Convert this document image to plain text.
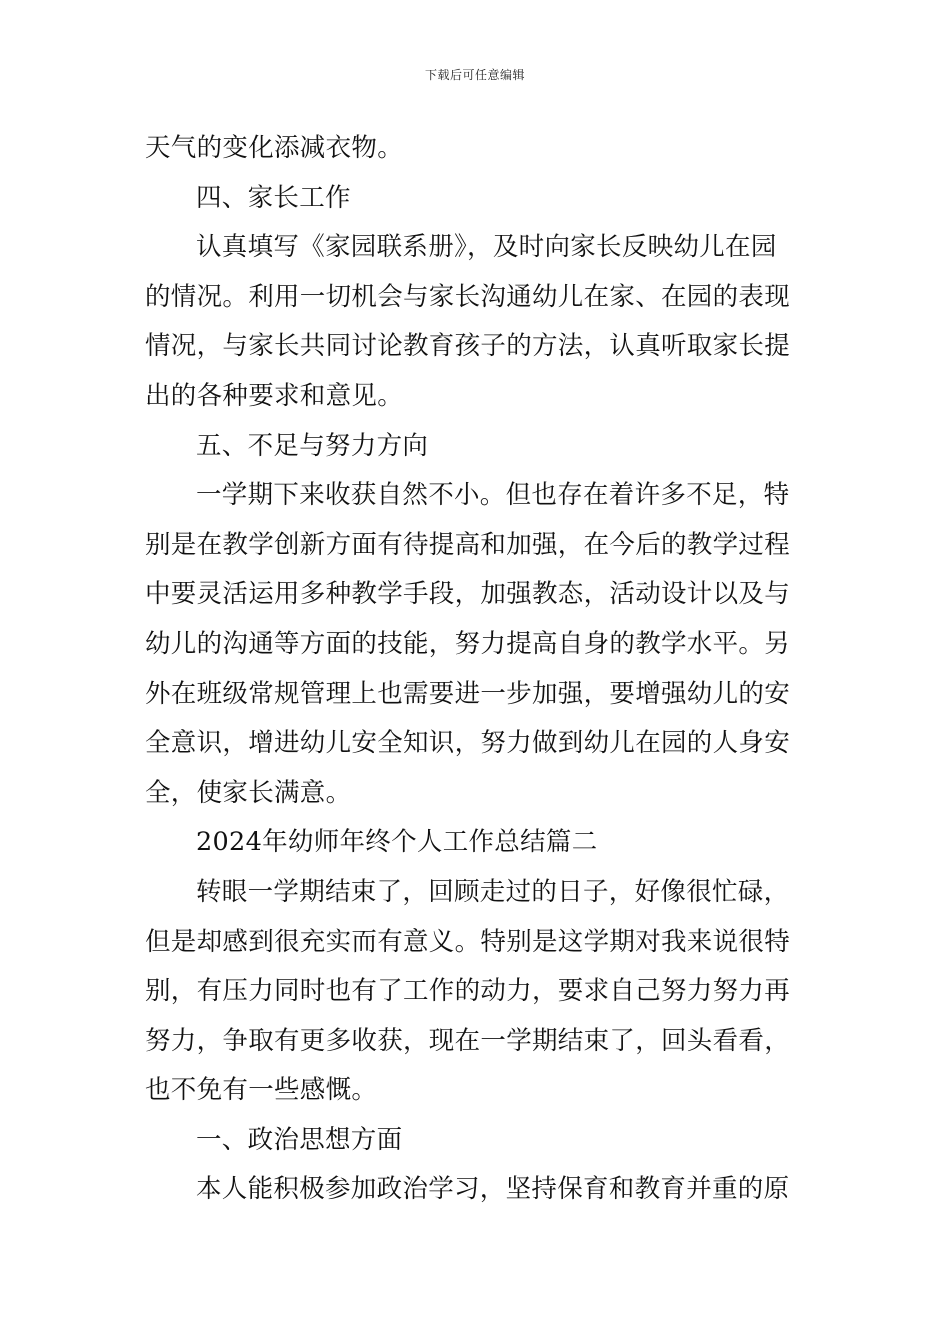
下载后可任意编辑
天气的变化添减衣物。
四、家长工作
认真填写《家园联系册》，及时向家长反映幼儿在园
的情况。利用一切机会与家长沟通幼儿在家、在园的表现
情况，与家长共同讨论教育孩子的方法，认真听取家长提
出的各种要求和意见。
五、不足与努力方向
一学期下来收获自然不小。但也存在着许多不足，特
别是在教学创新方面有待提高和加强，在今后的教学过程
中要灵活运用多种教学手段，加强教态，活动设计以及与
幼儿的沟通等方面的技能，努力提高自身的教学水平。另
外在班级常规管理上也需要进一步加强，要增强幼儿的安
全意识，增进幼儿安全知识，努力做到幼儿在园的人身安
全，使家长满意。
2024年幼师年终个人工作总结篇二
转眼一学期结束了，回顾走过的日子，好像很忙碌，
但是却感到很充实而有意义。特别是这学期对我来说很特
别，有压力同时也有了工作的动力，要求自己努力努力再
努力，争取有更多收获，现在一学期结束了，回头看看，
也不免有一些感慨。
一、政治思想方面
本人能积极参加政治学习，坚持保育和教育并重的原
